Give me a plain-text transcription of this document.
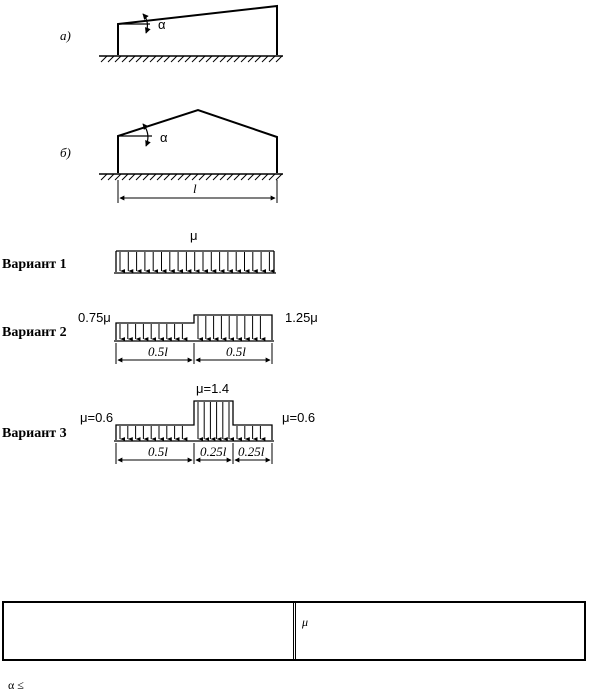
а)
α
б)
α
l
Вариант 1
μ
Вариант 2
0.75μ	1.25μ
0.5l	0.5l
Вариант 3
μ=0.6
μ=1.4
μ=0.6
0.5l 0.25l 0.25l
μ
α ≤
